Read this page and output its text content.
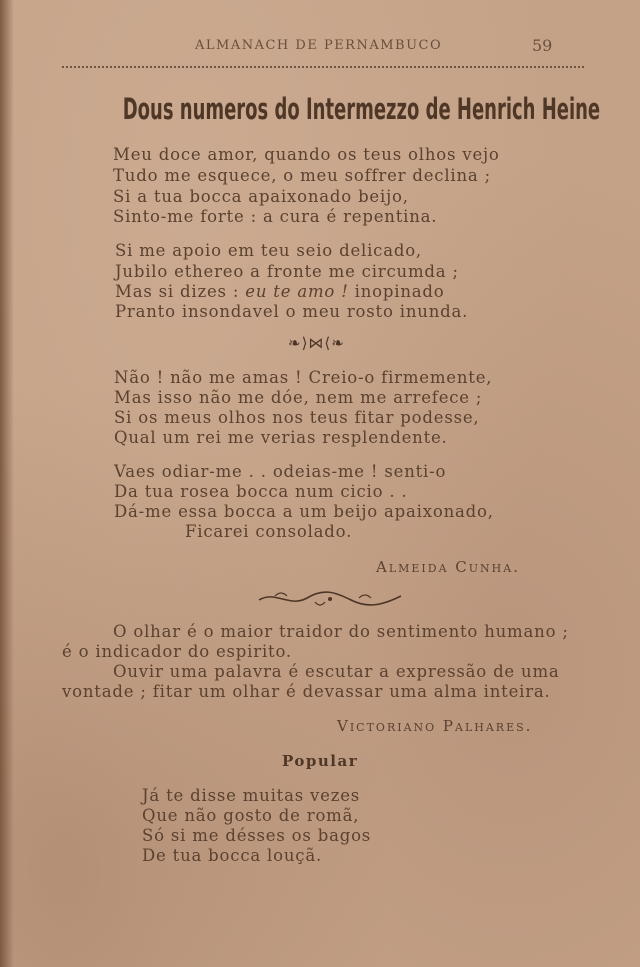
ALMANACH DE PERNAMBUCO	59
Dous numeros do Intermezzo de Henrich Heine
Meu doce amor, quando os teus olhos vejo
Tudo me esquece, o meu soffrer declina ;
Si a tua bocca apaixonado beijo,
Sinto-me forte : a cura é repentina.
Si me apoio em teu seio delicado,
Jubilo ethereo a fronte me circumda ;
Mas si dizes : eu te amo ! inopinado
Pranto insondavel o meu rosto inunda.
❧⟩⋈⟨❧
Não ! não me amas ! Creio-o firmemente,
Mas isso não me dóe, nem me arrefece ;
Si os meus olhos nos teus fitar podesse,
Qual um rei me verias resplendente.
Vaes odiar-me . . odeias-me ! senti-o
Da tua rosea bocca num cicio . .
Dá-me essa bocca a um beijo apaixonado,
Ficarei consolado.
Almeida Cunha.
O olhar é o maior traidor do sentimento humano ;
é o indicador do espirito.
Ouvir uma palavra é escutar a expressão de uma
vontade ; fitar um olhar é devassar uma alma inteira.
Victoriano Palhares.
Popular
Já te disse muitas vezes
Que não gosto de romã,
Só si me désses os bagos
De tua bocca louçã.
